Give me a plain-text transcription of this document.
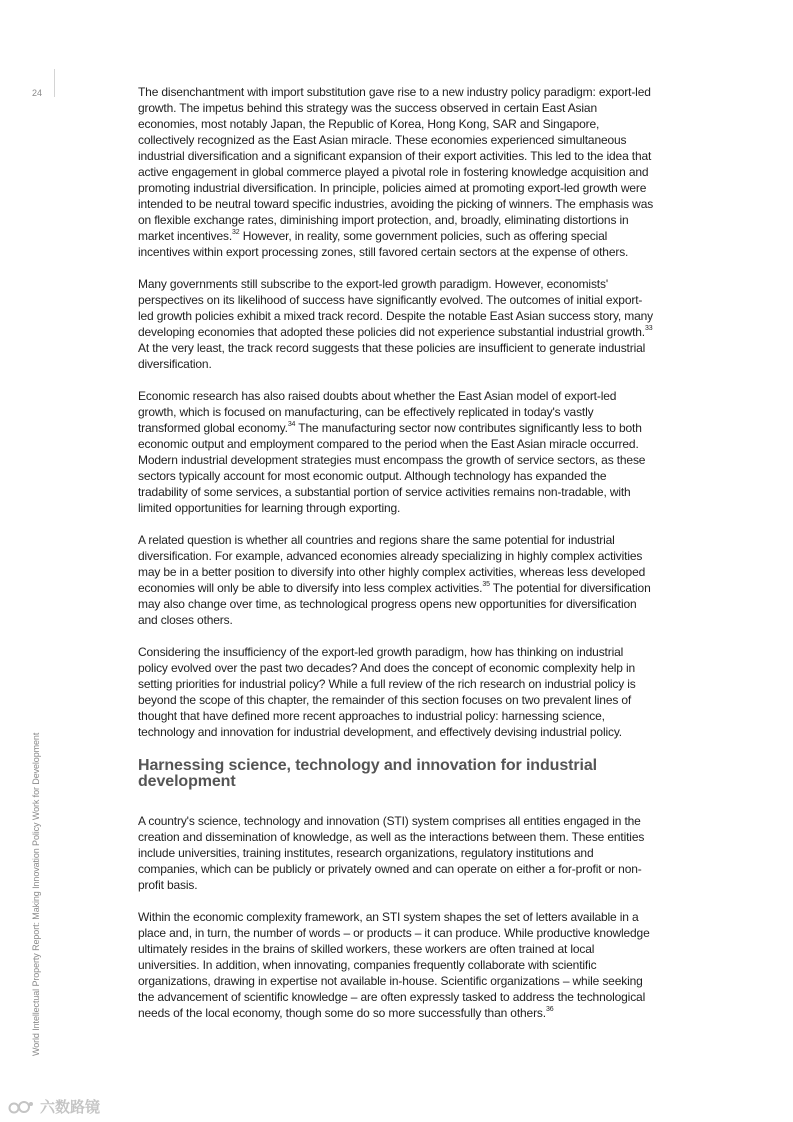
24
World Intellectual Property Report: Making Innovation Policy Work for Development

The disenchantment with import substitution gave rise to a new industry policy paradigm: export-led growth. The impetus behind this strategy was the success observed in certain East Asian economies, most notably Japan, the Republic of Korea, Hong Kong, SAR and Singapore, collectively recognized as the East Asian miracle. These economies experienced simultaneous industrial diversification and a significant expansion of their export activities. This led to the idea that active engagement in global commerce played a pivotal role in fostering knowledge acquisition and promoting industrial diversification. In principle, policies aimed at promoting export-led growth were intended to be neutral toward specific industries, avoiding the picking of winners. The emphasis was on flexible exchange rates, diminishing import protection, and, broadly, eliminating distortions in market incentives.$^{32}$ However, in reality, some government policies, such as offering special incentives within export processing zones, still favored certain sectors at the expense of others.

Many governments still subscribe to the export-led growth paradigm. However, economists' perspectives on its likelihood of success have significantly evolved. The outcomes of initial export-led growth policies exhibit a mixed track record. Despite the notable East Asian success story, many developing economies that adopted these policies did not experience substantial industrial growth.$^{33}$ At the very least, the track record suggests that these policies are insufficient to generate industrial diversification.

Economic research has also raised doubts about whether the East Asian model of export-led growth, which is focused on manufacturing, can be effectively replicated in today's vastly transformed global economy.$^{34}$ The manufacturing sector now contributes significantly less to both economic output and employment compared to the period when the East Asian miracle occurred. Modern industrial development strategies must encompass the growth of service sectors, as these sectors typically account for most economic output. Although technology has expanded the tradability of some services, a substantial portion of service activities remains non-tradable, with limited opportunities for learning through exporting.

A related question is whether all countries and regions share the same potential for industrial diversification. For example, advanced economies already specializing in highly complex activities may be in a better position to diversify into other highly complex activities, whereas less developed economies will only be able to diversify into less complex activities.$^{35}$ The potential for diversification may also change over time, as technological progress opens new opportunities for diversification and closes others.

Considering the insufficiency of the export-led growth paradigm, how has thinking on industrial policy evolved over the past two decades? And does the concept of economic complexity help in setting priorities for industrial policy? While a full review of the rich research on industrial policy is beyond the scope of this chapter, the remainder of this section focuses on two prevalent lines of thought that have defined more recent approaches to industrial policy: harnessing science, technology and innovation for industrial development, and effectively devising industrial policy.

Harnessing science, technology and innovation for industrial development

A country's science, technology and innovation (STI) system comprises all entities engaged in the creation and dissemination of knowledge, as well as the interactions between them. These entities include universities, training institutes, research organizations, regulatory institutions and companies, which can be publicly or privately owned and can operate on either a for-profit or non-profit basis.

Within the economic complexity framework, an STI system shapes the set of letters available in a place and, in turn, the number of words – or products – it can produce. While productive knowledge ultimately resides in the brains of skilled workers, these workers are often trained at local universities. In addition, when innovating, companies frequently collaborate with scientific organizations, drawing in expertise not available in-house. Scientific organizations – while seeking the advancement of scientific knowledge – are often expressly tasked to address the technological needs of the local economy, though some do so more successfully than others.$^{36}$

六数路镜
